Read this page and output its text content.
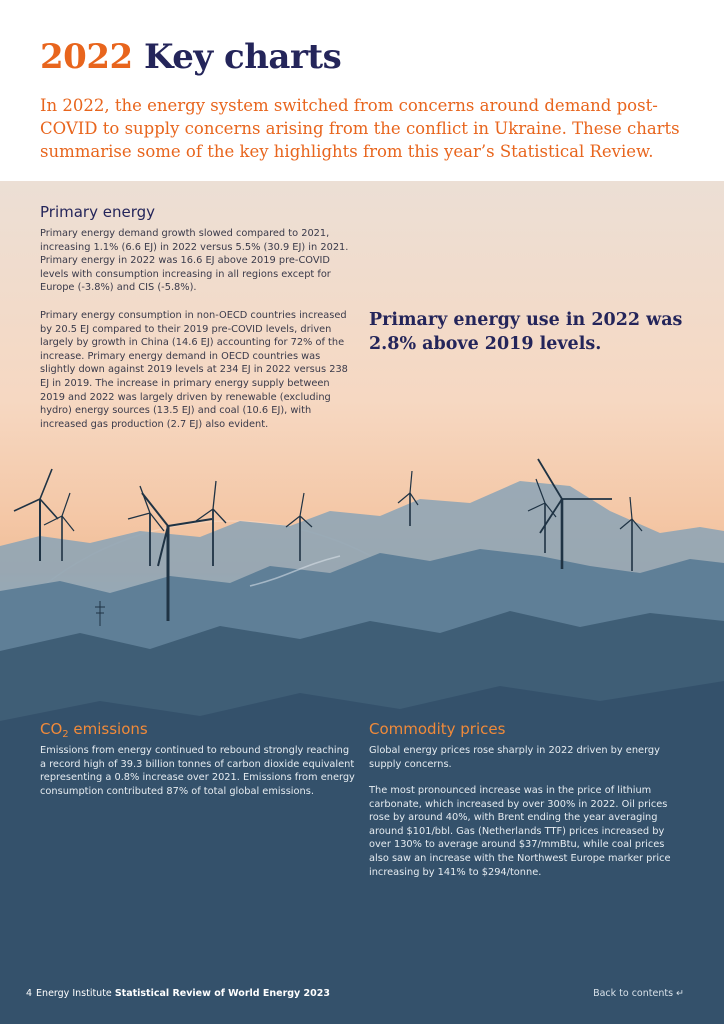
2022 Key charts

In 2022, the energy system switched from concerns around demand post-COVID to supply concerns arising from the conflict in Ukraine. These charts summarise some of the key highlights from this year’s Statistical Review.

Primary energy

Primary energy demand growth slowed compared to 2021, increasing 1.1% (6.6 EJ) in 2022 versus 5.5% (30.9 EJ) in 2021. Primary energy in 2022 was 16.6 EJ above 2019 pre-COVID levels with consumption increasing in all regions except for Europe (-3.8%) and CIS (-5.8%).

Primary energy consumption in non-OECD countries increased by 20.5 EJ compared to their 2019 pre-COVID levels, driven largely by growth in China (14.6 EJ) accounting for 72% of the increase. Primary energy demand in OECD countries was slightly down against 2019 levels at 234 EJ in 2022 versus 238 EJ in 2019. The increase in primary energy supply between 2019 and 2022 was largely driven by renewable (excluding hydro) energy sources (13.5 EJ) and coal (10.6 EJ), with increased gas production (2.7 EJ) also evident.

Primary energy use in 2022 was 2.8% above 2019 levels.

$CO_2$ emissions

Emissions from energy continued to rebound strongly reaching a record high of 39.3 billion tonnes of carbon dioxide equivalent representing a 0.8% increase over 2021. Emissions from energy consumption contributed 87% of total global emissions.

Commodity prices

Global energy prices rose sharply in 2022 driven by energy supply concerns.

The most pronounced increase was in the price of lithium carbonate, which increased by over 300% in 2022. Oil prices rose by around 40%, with Brent ending the year averaging around $101/bbl. Gas (Netherlands TTF) prices increased by over 130% to average around $37/mmBtu, while coal prices also saw an increase with the Northwest Europe marker price increasing by 141% to $294/tonne.

4 Energy Institute Statistical Review of World Energy 2023	Back to contents ↵
